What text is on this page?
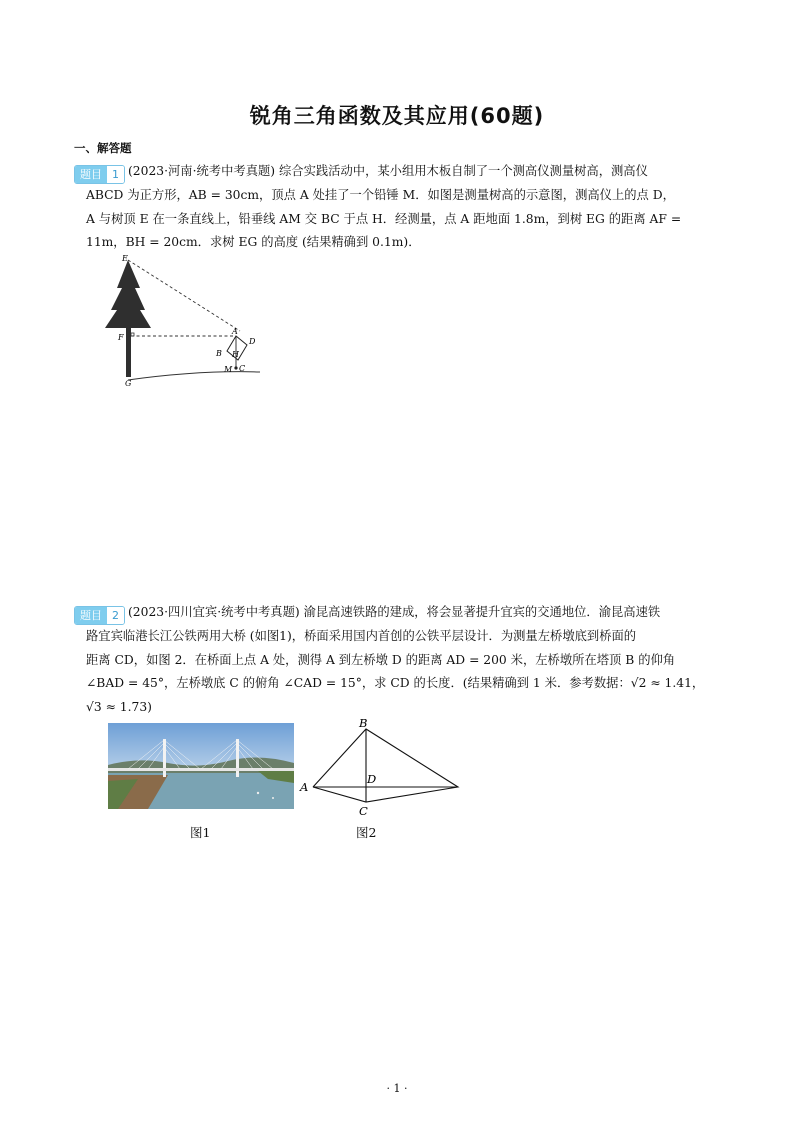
锐角三角函数及其应用(60题)
一、解答题
题目 1 (2023·河南·统考中考真题) 综合实践活动中，某小组用木板自制了一个测高仪测量树高，测高仪
ABCD 为正方形，AB = 30cm，顶点 A 处挂了一个铅锤 M．如图是测量树高的示意图，测高仪上的点 D，
A 与树顶 E 在一条直线上，铅垂线 AM 交 BC 于点 H．经测量，点 A 距地面 1.8m，到树 EG 的距离 AF =
11m，BH = 20cm．求树 EG 的高度 (结果精确到 0.1m)．
E
F
G
A
D
B H
M C
题目 2 (2023·四川宜宾·统考中考真题) 渝昆高速铁路的建成，将会显著提升宜宾的交通地位．渝昆高速铁
路宜宾临港长江公铁两用大桥 (如图1)，桥面采用国内首创的公铁平层设计．为测量左桥墩底到桥面的
距离 CD，如图 2．在桥面上点 A 处，测得 A 到左桥墩 D 的距离 AD = 200 米，左桥墩所在塔顶 B 的仰角
∠BAD = 45°，左桥墩底 C 的俯角 ∠CAD = 15°，求 CD 的长度．(结果精确到 1 米．参考数据：√2 ≈ 1.41，
√3 ≈ 1.73)
B
A
D
C
图1	图2
· 1 ·
